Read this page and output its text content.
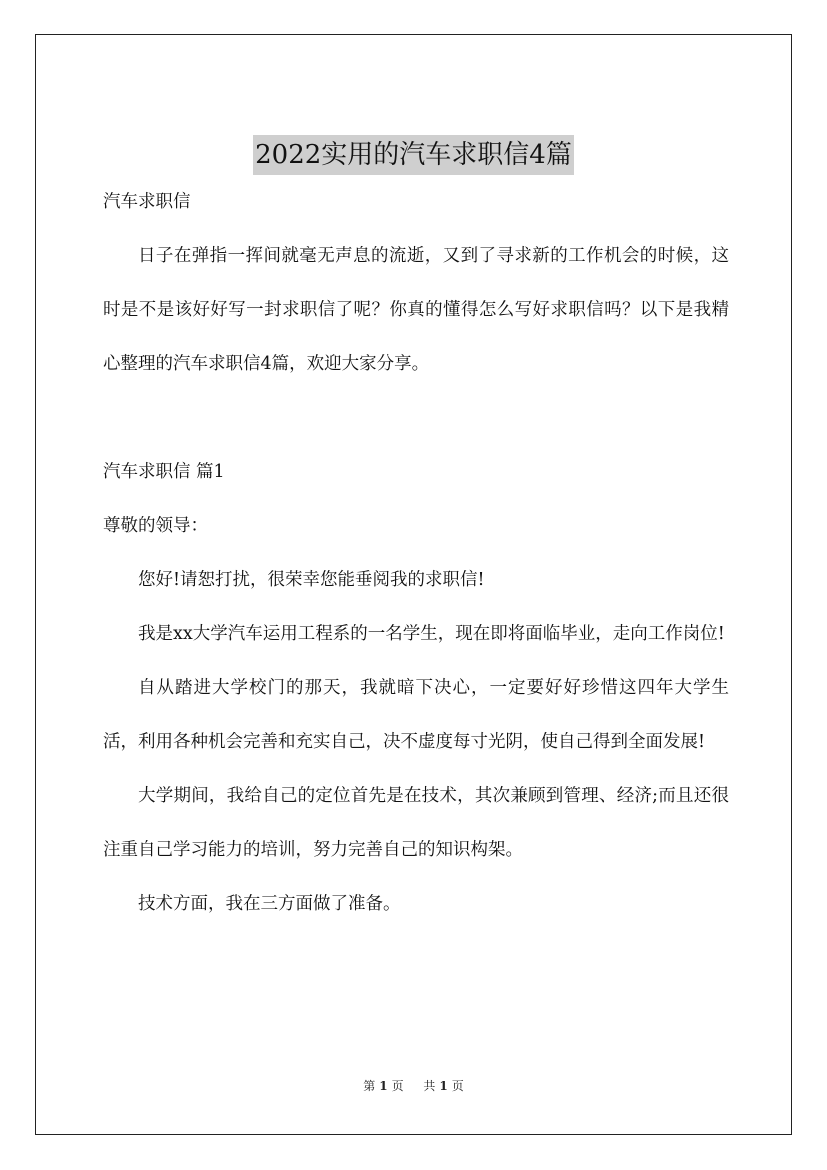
2022实用的汽车求职信4篇

汽车求职信

日子在弹指一挥间就毫无声息的流逝，又到了寻求新的工作机会的时候，这时是不是该好好写一封求职信了呢？你真的懂得怎么写好求职信吗？以下是我精心整理的汽车求职信4篇，欢迎大家分享。

汽车求职信 篇1

尊敬的领导：

您好!请恕打扰，很荣幸您能垂阅我的求职信!

我是xx大学汽车运用工程系的一名学生，现在即将面临毕业，走向工作岗位!

自从踏进大学校门的那天，我就暗下决心，一定要好好珍惜这四年大学生活，利用各种机会完善和充实自己，决不虚度每寸光阴，使自己得到全面发展!

大学期间，我给自己的定位首先是在技术，其次兼顾到管理、经济;而且还很注重自己学习能力的培训，努力完善自己的知识构架。

技术方面，我在三方面做了准备。

第 1 页 共 1 页
